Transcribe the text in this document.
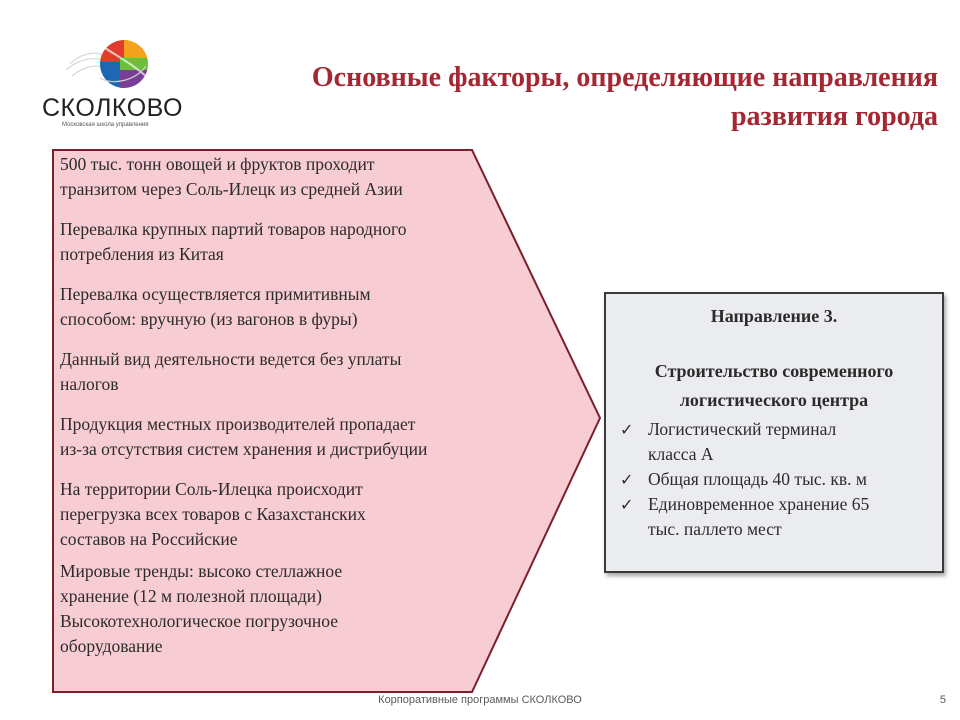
СКОЛКОВО
Московская школа управления
Основные факторы, определяющие направления
развития города

500 тыс. тонн овощей и фруктов проходит
транзитом через Соль-Илецк из средней Азии

Перевалка крупных партий товаров народного
потребления из Китая

Перевалка осуществляется примитивным
способом: вручную (из вагонов в фуры)

Данный вид деятельности ведется без уплаты
налогов

Продукция местных производителей пропадает
из-за отсутствия систем хранения и дистрибуции

На территории Соль-Илецка происходит
перегрузка всех товаров с Казахстанских
составов на Российские

Мировые тренды: высоко стеллажное
хранение (12 м полезной площади)
Высокотехнологическое погрузочное
оборудование

Направление 3.
Строительство современного
логистического центра
✓ Логистический терминал
класса А
✓ Общая площадь 40 тыс. кв. м
✓ Единовременное хранение 65
тыс. паллето мест
Корпоративные программы СКОЛКОВО	5
